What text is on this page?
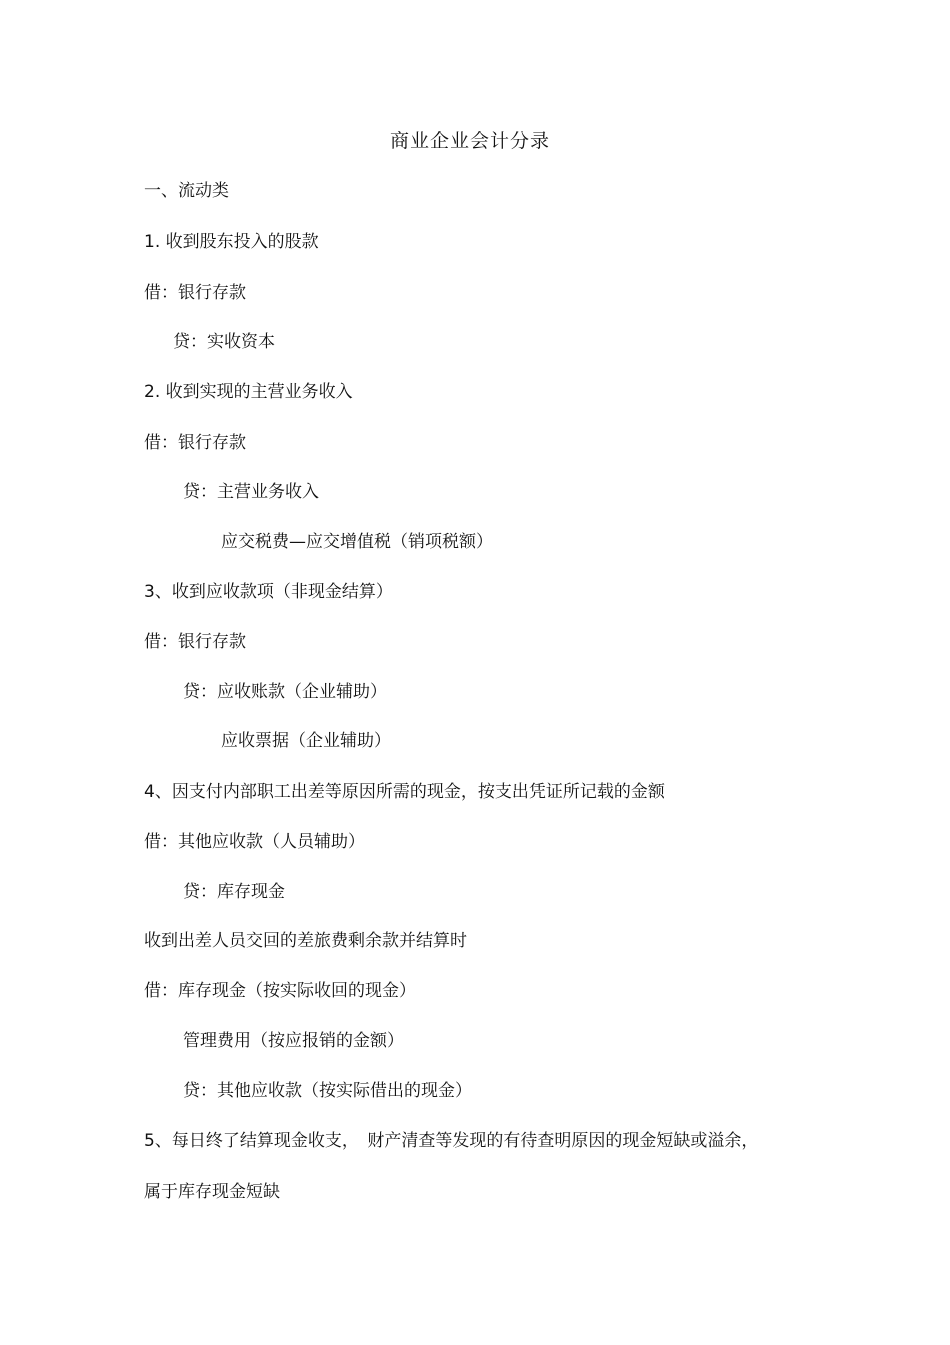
商业企业会计分录
一、流动类
1. 收到股东投入的股款
借：银行存款
贷：实收资本
2. 收到实现的主营业务收入
借：银行存款
贷：主营业务收入
应交税费—应交增值税（销项税额）
3、收到应收款项（非现金结算）
借：银行存款
贷：应收账款（企业辅助）
应收票据（企业辅助）
4、因支付内部职工出差等原因所需的现金，按支出凭证所记载的金额
借：其他应收款（人员辅助）
贷：库存现金
收到出差人员交回的差旅费剩余款并结算时
借：库存现金（按实际收回的现金）
管理费用（按应报销的金额）
贷：其他应收款（按实际借出的现金）
5、每日终了结算现金收支，　财产清查等发现的有待查明原因的现金短缺或溢余，
属于库存现金短缺
